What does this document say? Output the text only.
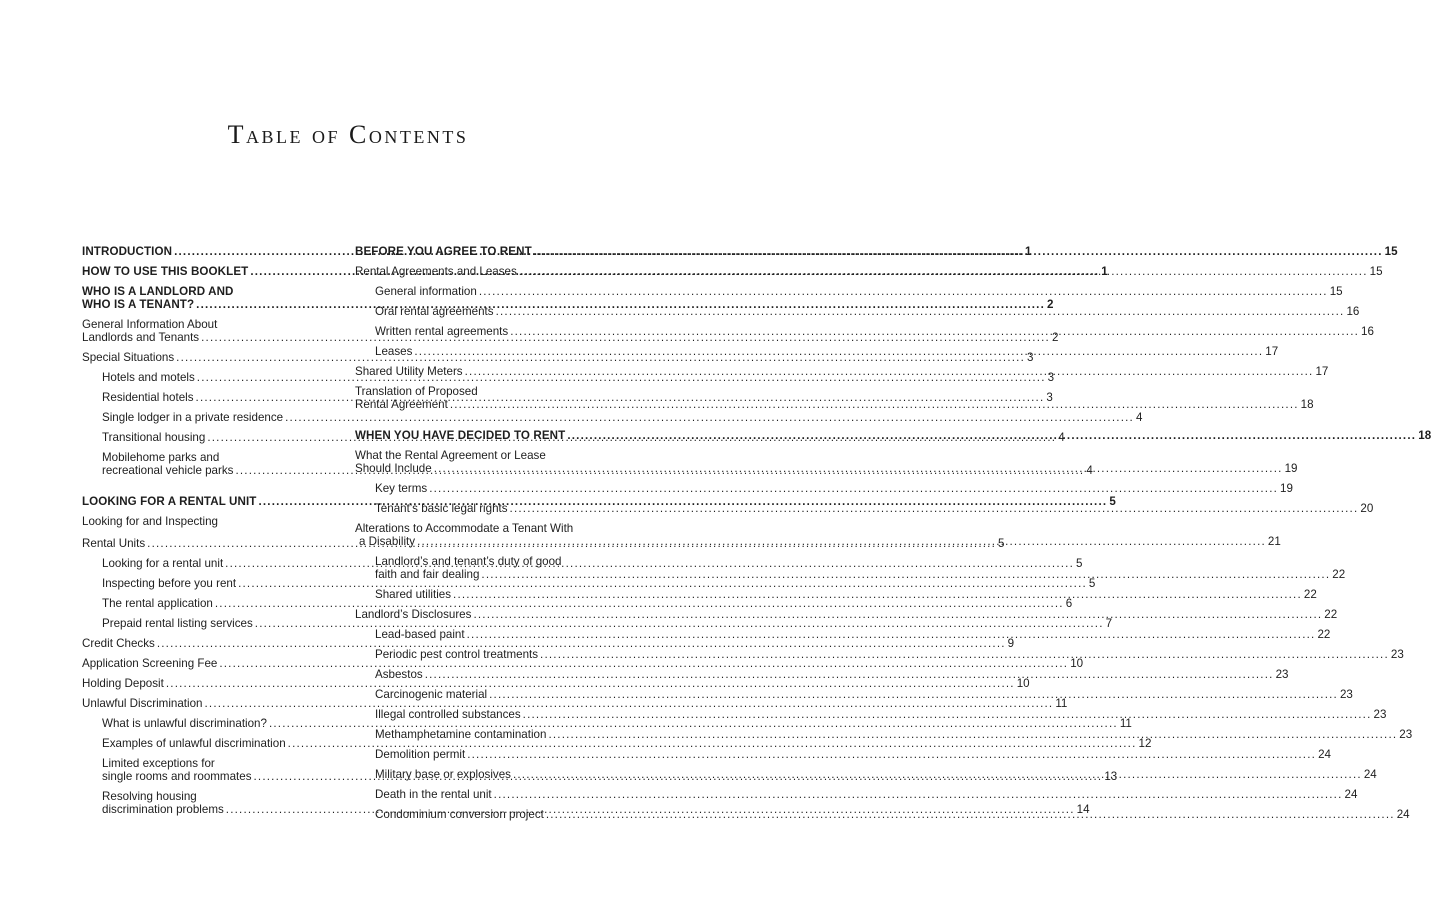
Table of Contents
INTRODUCTION .....	1
HOW TO USE THIS BOOKLET .....	1
WHO IS A LANDLORD AND
WHO IS A TENANT? .....	2
General Information About
Landlords and Tenants .....	2
Special Situations .....	3
Hotels and motels .....	3
Residential hotels .....	3
Single lodger in a private residence .....	4
Transitional housing .....	4
Mobilehome parks and
recreational vehicle parks .....	4
LOOKING FOR A RENTAL UNIT .....	5
Looking for and Inspecting
Rental Units .....	5
Looking for a rental unit .....	5
Inspecting before you rent .....	5
The rental application .....	6
Prepaid rental listing services .....	7
Credit Checks .....	9
Application Screening Fee .....	10
Holding Deposit .....	10
Unlawful Discrimination .....	11
What is unlawful discrimination? .....	11
Examples of unlawful discrimination .....	12
Limited exceptions for
single rooms and roommates .....	13
Resolving housing
discrimination problems .....	14
BEFORE YOU AGREE TO RENT .....	15
Rental Agreements and Leases .....	15
General information .....	15
Oral rental agreements .....	16
Written rental agreements .....	16
Leases .....	17
Shared Utility Meters .....	17
Translation of Proposed
Rental Agreement .....	18
WHEN YOU HAVE DECIDED TO RENT .....	18
What the Rental Agreement or Lease
Should Include .....	19
Key terms .....	19
Tenant’s basic legal rights .....	20
Alterations to Accommodate a Tenant With
a Disability .....	21
Landlord’s and tenant’s duty of good
faith and fair dealing .....	22
Shared utilities .....	22
Landlord’s Disclosures .....	22
Lead-based paint .....	22
Periodic pest control treatments .....	23
Asbestos .....	23
Carcinogenic material .....	23
Illegal controlled substances .....	23
Methamphetamine contamination .....	23
Demolition permit .....	24
Military base or explosives .....	24
Death in the rental unit .....	24
Condominium conversion project .....	24
